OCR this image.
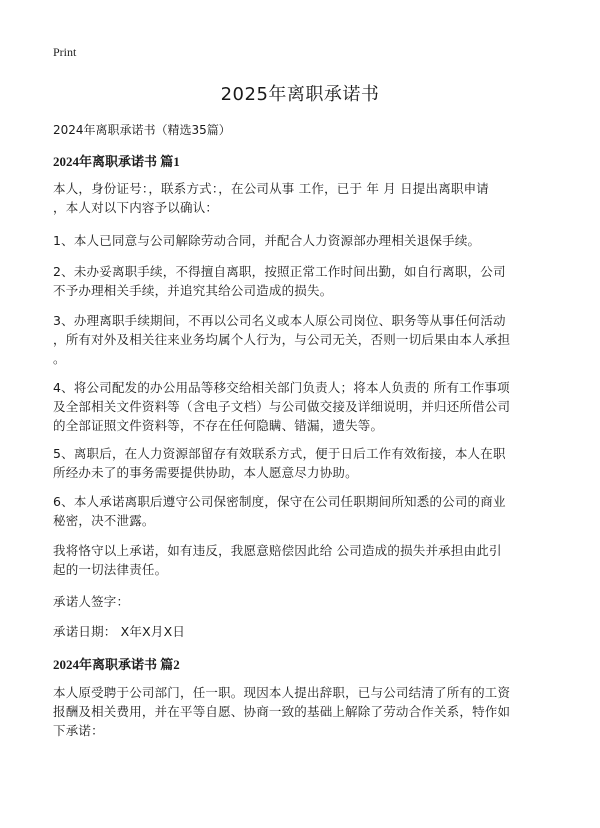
Print
2025年离职承诺书

2024年离职承诺书（精选35篇）

2024年离职承诺书 篇1

本人，身份证号：，联系方式：，在公司从事 工作，已于 年 月 日提出离职申请
，本人对以下内容予以确认：

1、本人已同意与公司解除劳动合同，并配合人力资源部办理相关退保手续。

2、未办妥离职手续，不得擅自离职，按照正常工作时间出勤，如自行离职，公司
不予办理相关手续，并追究其给公司造成的损失。

3、办理离职手续期间，不再以公司名义或本人原公司岗位、职务等从事任何活动
，所有对外及相关往来业务均属个人行为，与公司无关，否则一切后果由本人承担
。

4、将公司配发的办公用品等移交给相关部门负责人；将本人负责的 所有工作事项
及全部相关文件资料等（含电子文档）与公司做交接及详细说明，并归还所借公司
的全部证照文件资料等，不存在任何隐瞒、错漏，遗失等。

5、离职后，在人力资源部留存有效联系方式，便于日后工作有效衔接，本人在职
所经办未了的事务需要提供协助，本人愿意尽力协助。

6、本人承诺离职后遵守公司保密制度，保守在公司任职期间所知悉的公司的商业
秘密，决不泄露。

我将恪守以上承诺，如有违反，我愿意赔偿因此给 公司造成的损失并承担由此引
起的一切法律责任。

承诺人签字：

承诺日期： X年X月X日

2024年离职承诺书 篇2

本人原受聘于公司部门，任一职。现因本人提出辞职，已与公司结清了所有的工资
报酬及相关费用，并在平等自愿、协商一致的基础上解除了劳动合作关系，特作如
下承诺：
